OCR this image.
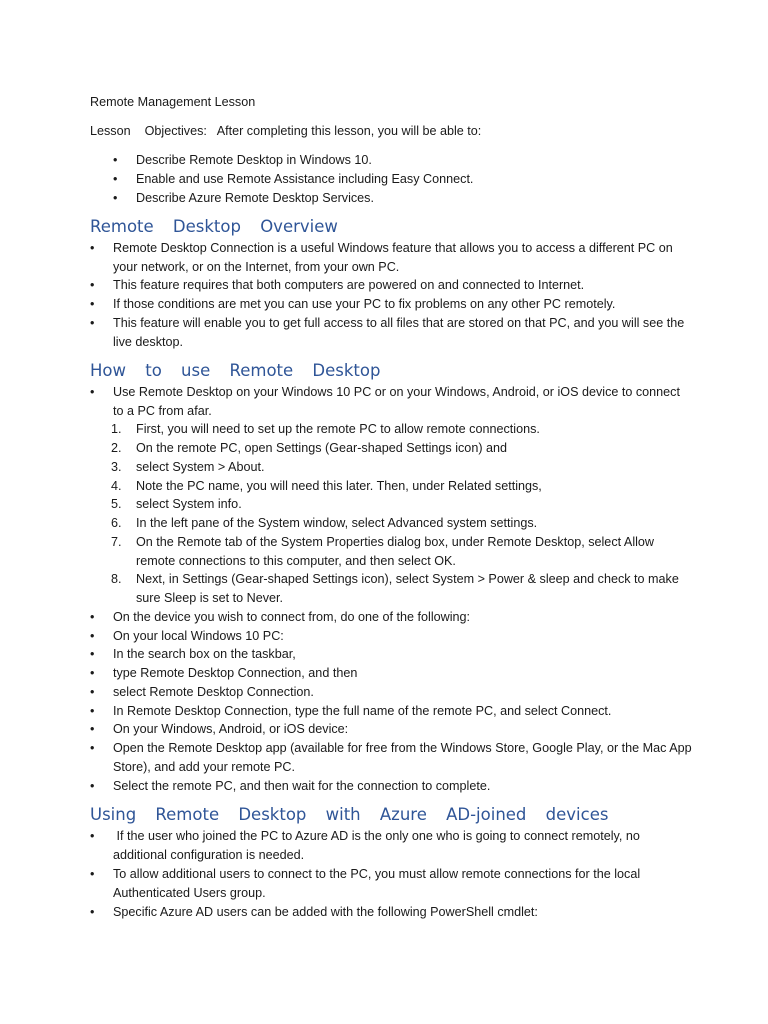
Remote Management Lesson
Lesson    Objectives:   After completing this lesson, you will be able to:
•	Describe Remote Desktop in Windows 10.
•	Enable and use Remote Assistance including Easy Connect.
•	Describe Azure Remote Desktop Services.
Remote Desktop Overview
• Remote Desktop Connection is a useful Windows feature that allows you to access a different PC on your network, or on the Internet, from your own PC.
• This feature requires that both computers are powered on and connected to Internet.
• If those conditions are met you can use your PC to fix problems on any other PC remotely.
• This feature will enable you to get full access to all files that are stored on that PC, and you will see the live desktop.
How to use Remote Desktop
• Use Remote Desktop on your Windows 10 PC or on your Windows, Android, or iOS device to connect to a PC from afar.
1. First, you will need to set up the remote PC to allow remote connections.
2. On the remote PC, open Settings (Gear-shaped Settings icon) and
3. select System > About.
4. Note the PC name, you will need this later. Then, under Related settings,
5. select System info.
6. In the left pane of the System window, select Advanced system settings.
7. On the Remote tab of the System Properties dialog box, under Remote Desktop, select Allow remote connections to this computer, and then select OK.
8. Next, in Settings (Gear-shaped Settings icon), select System > Power & sleep and check to make sure Sleep is set to Never.
• On the device you wish to connect from, do one of the following:
• On your local Windows 10 PC:
• In the search box on the taskbar,
• type Remote Desktop Connection, and then
• select Remote Desktop Connection.
• In Remote Desktop Connection, type the full name of the remote PC, and select Connect.
• On your Windows, Android, or iOS device:
• Open the Remote Desktop app (available for free from the Windows Store, Google Play, or the Mac App Store), and add your remote PC.
• Select the remote PC, and then wait for the connection to complete.
Using Remote Desktop with Azure AD-joined devices
• If the user who joined the PC to Azure AD is the only one who is going to connect remotely, no additional configuration is needed.
• To allow additional users to connect to the PC, you must allow remote connections for the local Authenticated Users group.
• Specific Azure AD users can be added with the following PowerShell cmdlet:
